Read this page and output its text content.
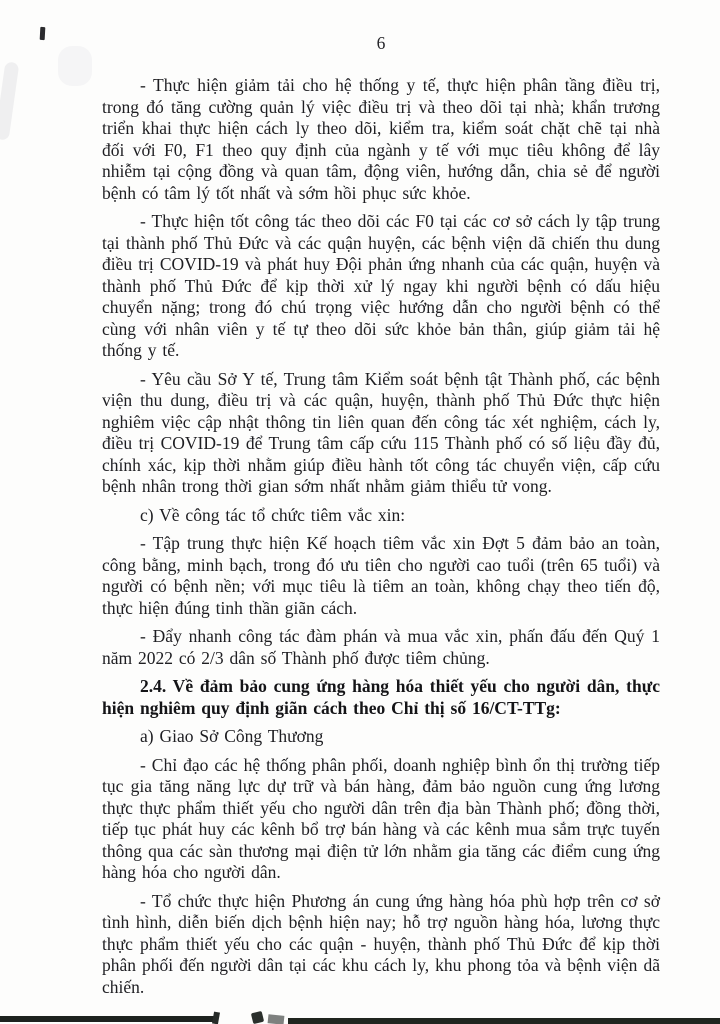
6

- Thực hiện giảm tải cho hệ thống y tế, thực hiện phân tầng điều trị, trong đó tăng cường quản lý việc điều trị và theo dõi tại nhà; khẩn trương triển khai thực hiện cách ly theo dõi, kiểm tra, kiểm soát chặt chẽ tại nhà đối với F0, F1 theo quy định của ngành y tế với mục tiêu không để lây nhiễm tại cộng đồng và quan tâm, động viên, hướng dẫn, chia sẻ để người bệnh có tâm lý tốt nhất và sớm hồi phục sức khỏe.

- Thực hiện tốt công tác theo dõi các F0 tại các cơ sở cách ly tập trung tại thành phố Thủ Đức và các quận huyện, các bệnh viện dã chiến thu dung điều trị COVID-19 và phát huy Đội phản ứng nhanh của các quận, huyện và thành phố Thủ Đức để kịp thời xử lý ngay khi người bệnh có dấu hiệu chuyển nặng; trong đó chú trọng việc hướng dẫn cho người bệnh có thể cùng với nhân viên y tế tự theo dõi sức khỏe bản thân, giúp giảm tải hệ thống y tế.

- Yêu cầu Sở Y tế, Trung tâm Kiểm soát bệnh tật Thành phố, các bệnh viện thu dung, điều trị và các quận, huyện, thành phố Thủ Đức thực hiện nghiêm việc cập nhật thông tin liên quan đến công tác xét nghiệm, cách ly, điều trị COVID-19 để Trung tâm cấp cứu 115 Thành phố có số liệu đầy đủ, chính xác, kịp thời nhằm giúp điều hành tốt công tác chuyển viện, cấp cứu bệnh nhân trong thời gian sớm nhất nhằm giảm thiểu tử vong.

c) Về công tác tổ chức tiêm vắc xin:

- Tập trung thực hiện Kế hoạch tiêm vắc xin Đợt 5 đảm bảo an toàn, công bằng, minh bạch, trong đó ưu tiên cho người cao tuổi (trên 65 tuổi) và người có bệnh nền; với mục tiêu là tiêm an toàn, không chạy theo tiến độ, thực hiện đúng tinh thần giãn cách.

- Đẩy nhanh công tác đàm phán và mua vắc xin, phấn đấu đến Quý 1 năm 2022 có 2/3 dân số Thành phố được tiêm chủng.

2.4. Về đảm bảo cung ứng hàng hóa thiết yếu cho người dân, thực hiện nghiêm quy định giãn cách theo Chỉ thị số 16/CT-TTg:

a) Giao Sở Công Thương

- Chỉ đạo các hệ thống phân phối, doanh nghiệp bình ổn thị trường tiếp tục gia tăng năng lực dự trữ và bán hàng, đảm bảo nguồn cung ứng lương thực thực phẩm thiết yếu cho người dân trên địa bàn Thành phố; đồng thời, tiếp tục phát huy các kênh bổ trợ bán hàng và các kênh mua sắm trực tuyến thông qua các sàn thương mại điện tử lớn nhằm gia tăng các điểm cung ứng hàng hóa cho người dân.

- Tổ chức thực hiện Phương án cung ứng hàng hóa phù hợp trên cơ sở tình hình, diễn biến dịch bệnh hiện nay; hỗ trợ nguồn hàng hóa, lương thực thực phẩm thiết yếu cho các quận - huyện, thành phố Thủ Đức để kịp thời phân phối đến người dân tại các khu cách ly, khu phong tỏa và bệnh viện dã chiến.
